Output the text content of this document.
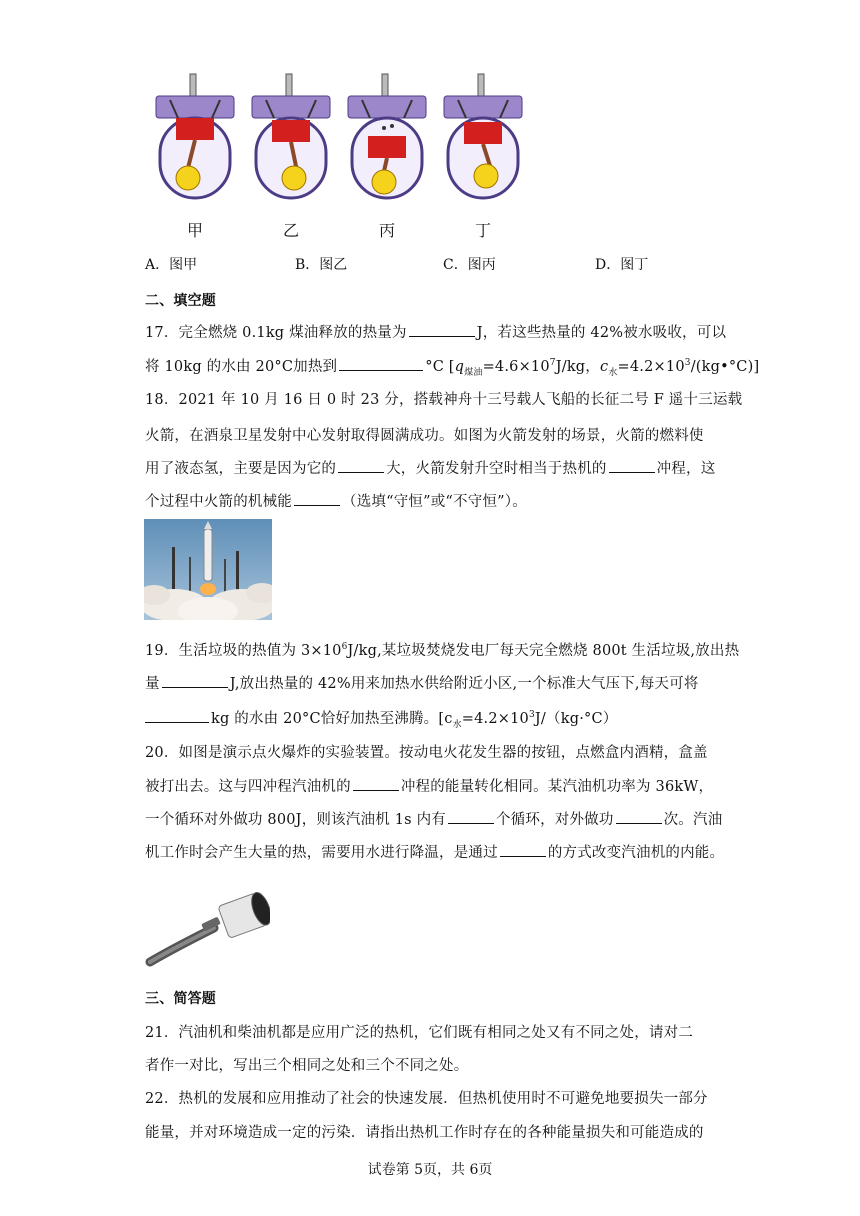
甲	乙	丙	丁
A．图甲	B．图乙	C．图丙	D．图丁
二、填空题
17．完全燃烧 0.1kg 煤油释放的热量为	J，若这些热量的 42%被水吸收，可以
将 10kg 的水由 20°C加热到	°C [$q_{煤油}=4.6\times 10^7J/kg$，$c_水=4.2\times 10^3/(kg•^\circ C)$]
18．2021 年 10 月 16 日 0 时 23 分，搭载神舟十三号载人飞船的长征二号 F 遥十三运载
火箭，在酒泉卫星发射中心发射取得圆满成功。如图为火箭发射的场景，火箭的燃料使
用了液态氢，主要是因为它的	大，火箭发射升空时相当于热机的	冲程，这
个过程中火箭的机械能	（选填“守恒”或“不守恒”）。
19．生活垃圾的热值为 $3\times 10^6J/kg$,某垃圾焚烧发电厂每天完全燃烧 800t 生活垃圾,放出热
量	J,放出热量的 42%用来加热水供给附近小区,一个标准大气压下,每天可将
kg 的水由 20°C恰好加热至沸腾。[$c_水=4.2\times 10^3J/(kg\cdot^\circ C)$
20．如图是演示点火爆炸的实验装置。按动电火花发生器的按钮，点燃盒内酒精，盒盖
被打出去。这与四冲程汽油机的	冲程的能量转化相同。某汽油机功率为 36kW，
一个循环对外做功 800J，则该汽油机 1s 内有	个循环，对外做功	次。汽油
机工作时会产生大量的热，需要用水进行降温，是通过	的方式改变汽油机的内能。
三、简答题
21．汽油机和柴油机都是应用广泛的热机，它们既有相同之处又有不同之处，请对二
者作一对比，写出三个相同之处和三个不同之处。
22．热机的发展和应用推动了社会的快速发展．但热机使用时不可避免地要损失一部分
能量，并对环境造成一定的污染．请指出热机工作时存在的各种能量损失和可能造成的
试卷第 5页，共 6页
